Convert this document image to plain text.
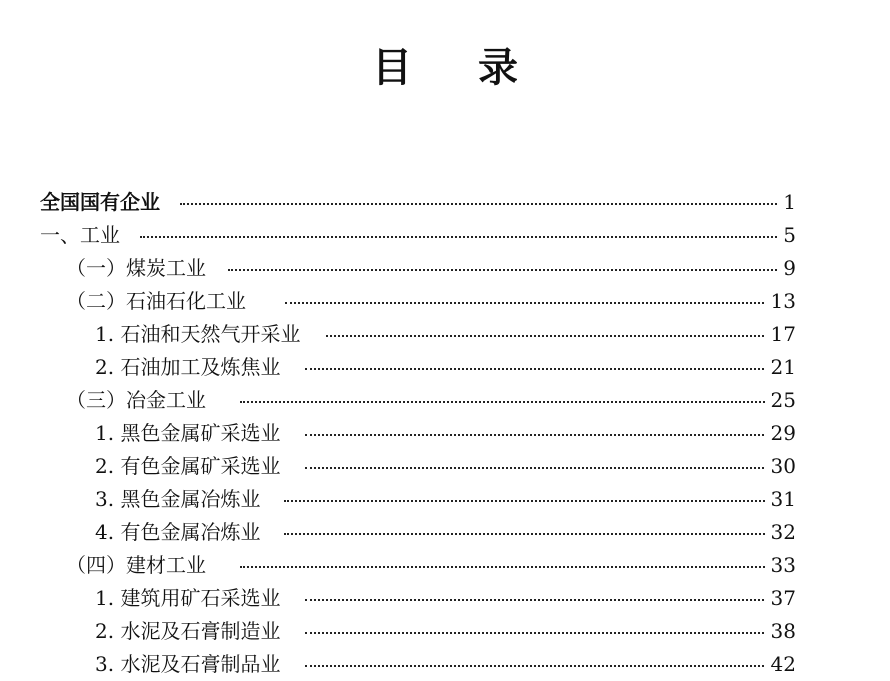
目 录
全国国有企业	1
一、工业	5
（一）煤炭工业	9
（二）石油石化工业	13
1. 石油和天然气开采业	17
2. 石油加工及炼焦业	21
（三）冶金工业	25
1. 黑色金属矿采选业	29
2. 有色金属矿采选业	30
3. 黑色金属冶炼业	31
4. 有色金属冶炼业	32
（四）建材工业	33
1. 建筑用矿石采选业	37
2. 水泥及石膏制造业	38
3. 水泥及石膏制品业	42
